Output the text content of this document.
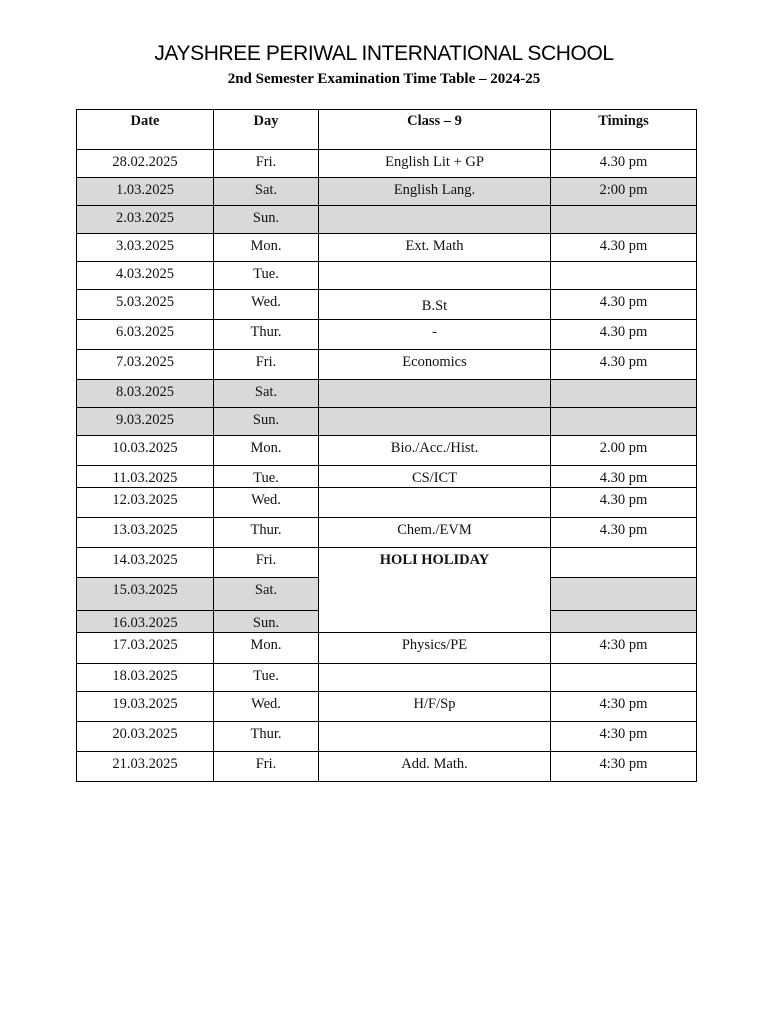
JAYSHREE PERIWAL INTERNATIONAL SCHOOL
2nd Semester Examination Time Table – 2024-25
Date	Day	Class – 9	Timings
28.02.2025	Fri.	English Lit + GP	4.30 pm
1.03.2025	Sat.	English Lang.	2:00 pm
2.03.2025	Sun.		
3.03.2025	Mon.	Ext. Math	4.30 pm
4.03.2025	Tue.		
5.03.2025	Wed.	B.St	4.30 pm
6.03.2025	Thur.	-	4.30 pm
7.03.2025	Fri.	Economics	4.30 pm
8.03.2025	Sat.		
9.03.2025	Sun.		
10.03.2025	Mon.	Bio./Acc./Hist.	2.00 pm
11.03.2025	Tue.	CS/ICT	4.30 pm
12.03.2025	Wed.		4.30 pm
13.03.2025	Thur.	Chem./EVM	4.30 pm
14.03.2025	Fri.	HOLI HOLIDAY	
15.03.2025	Sat.		
16.03.2025	Sun.		
17.03.2025	Mon.	Physics/PE	4:30 pm
18.03.2025	Tue.		
19.03.2025	Wed.	H/F/Sp	4:30 pm
20.03.2025	Thur.		4:30 pm
21.03.2025	Fri.	Add. Math.	4:30 pm
